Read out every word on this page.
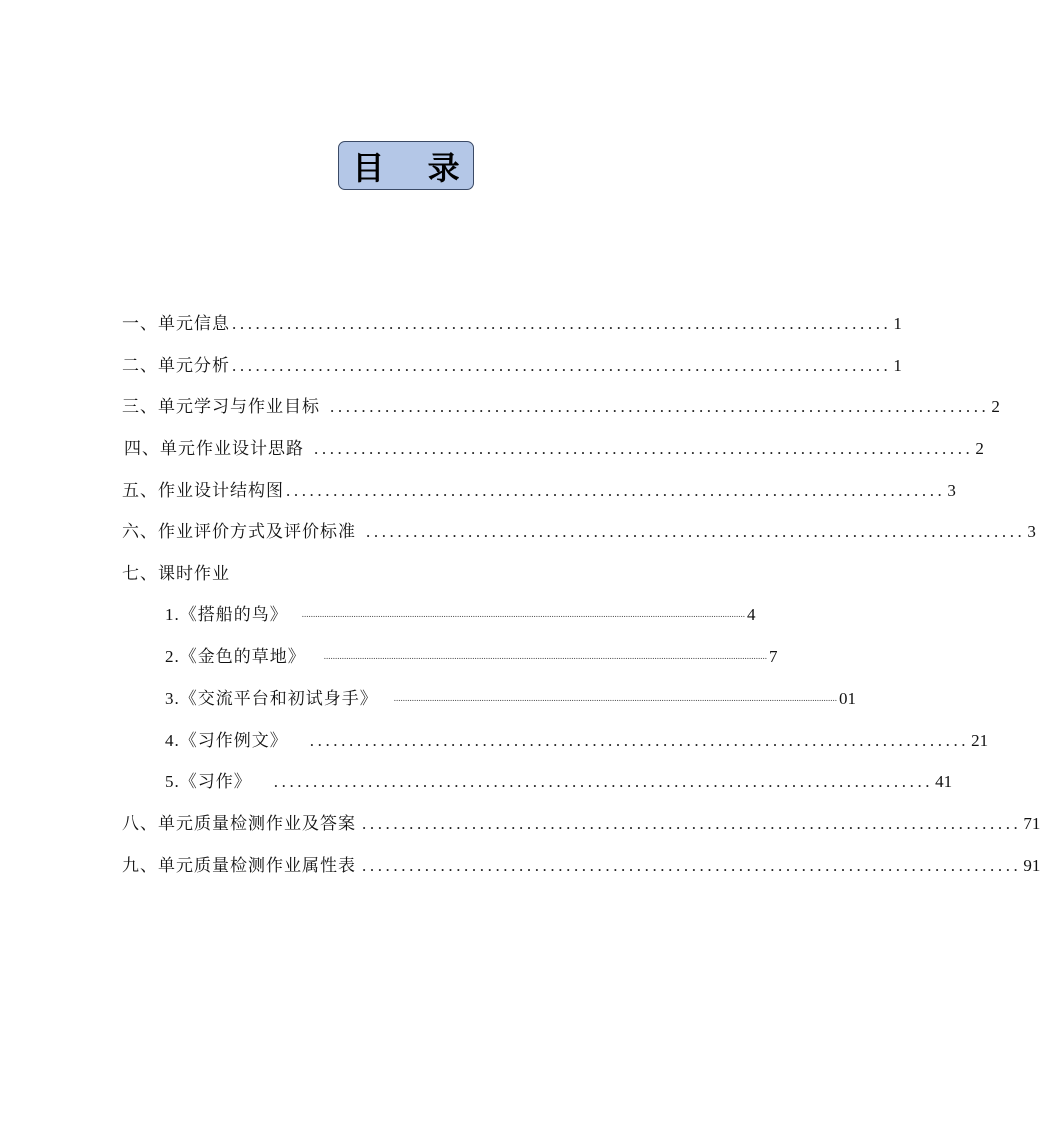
目 录
一、单元信息 .................................................................................... 1
二、单元分析 .................................................................................... 1
三、单元学习与作业目标 .................................................................................... 2
四、单元作业设计思路 .................................................................................... 2
五、作业设计结构图 .................................................................................... 3
六、作业评价方式及评价标准 .................................................................................... 3
七、课时作业
1.《搭船的鸟》 ..................................................................................................................................................................................................... 4
2.《金色的草地》 ..................................................................................................................................................................................................... 7
3.《交流平台和初试身手》 ..................................................................................................................................................................................................... 01
4.《习作例文》 .................................................................................... 21
5.《习作》 .................................................................................... 41
八、单元质量检测作业及答案 .................................................................................... 71
九、单元质量检测作业属性表 .................................................................................... 91
